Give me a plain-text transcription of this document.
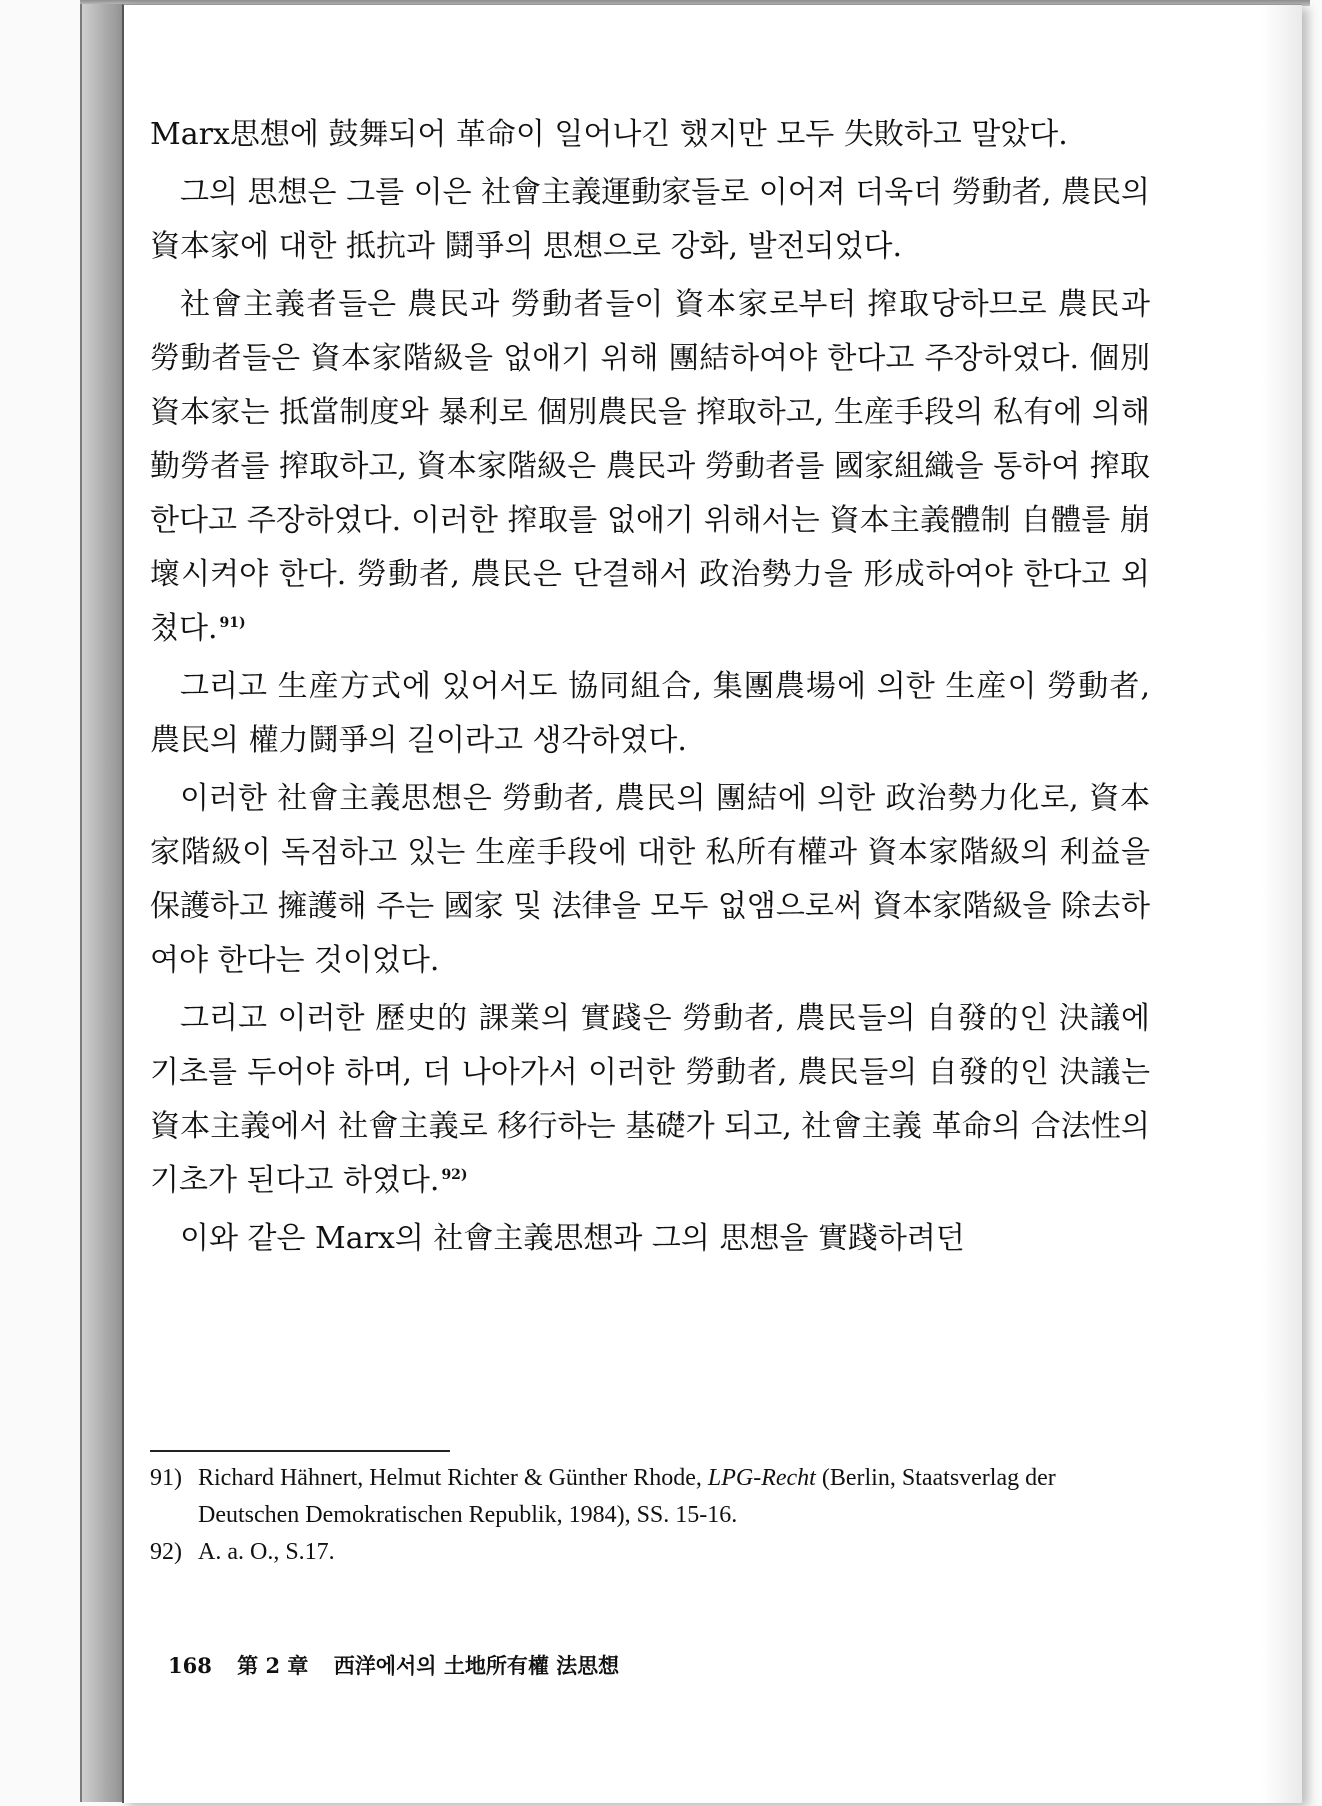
Marx思想에 鼓舞되어 革命이 일어나긴 했지만 모두 失敗하고 말았다.

그의 思想은 그를 이은 社會主義運動家들로 이어져 더욱더 勞動者, 農民의 資本家에 대한 抵抗과 鬪爭의 思想으로 강화, 발전되었다.

社會主義者들은 農民과 勞動者들이 資本家로부터 搾取당하므로 農民과 勞動者들은 資本家階級을 없애기 위해 團結하여야 한다고 주장하였다. 個別資本家는 抵當制度와 暴利로 個別農民을 搾取하고, 生産手段의 私有에 의해 勤勞者를 搾取하고, 資本家階級은 農民과 勞動者를 國家組織을 통하여 搾取한다고 주장하였다. 이러한 搾取를 없애기 위해서는 資本主義體制 自體를 崩壞시켜야 한다. 勞動者, 農民은 단결해서 政治勢力을 形成하여야 한다고 외쳤다. $^{91)}$

그리고 生産方式에 있어서도 協同組合, 集團農場에 의한 生産이 勞動者, 農民의 權力鬪爭의 길이라고 생각하였다.

이러한 社會主義思想은 勞動者, 農民의 團結에 의한 政治勢力化로, 資本家階級이 독점하고 있는 生産手段에 대한 私所有權과 資本家階級의 利益을 保護하고 擁護해 주는 國家 및 法律을 모두 없앰으로써 資本家階級을 除去하여야 한다는 것이었다.

그리고 이러한 歷史的 課業의 實踐은 勞動者, 農民들의 自發的인 決議에 기초를 두어야 하며, 더 나아가서 이러한 勞動者, 農民들의 自發的인 決議는 資本主義에서 社會主義로 移行하는 基礎가 되고, 社會主義 革命의 合法性의 기초가 된다고 하였다. $^{92)}$

이와 같은 Marx의 社會主義思想과 그의 思想을 實踐하려던

91) Richard Hähnert, Helmut Richter & Günther Rhode, LPG-Recht (Berlin, Staatsverlag der Deutschen Demokratischen Republik, 1984), SS. 15-16.

92) A. a. O., S.17.

168 第 2 章 西洋에서의 土地所有權 法思想
